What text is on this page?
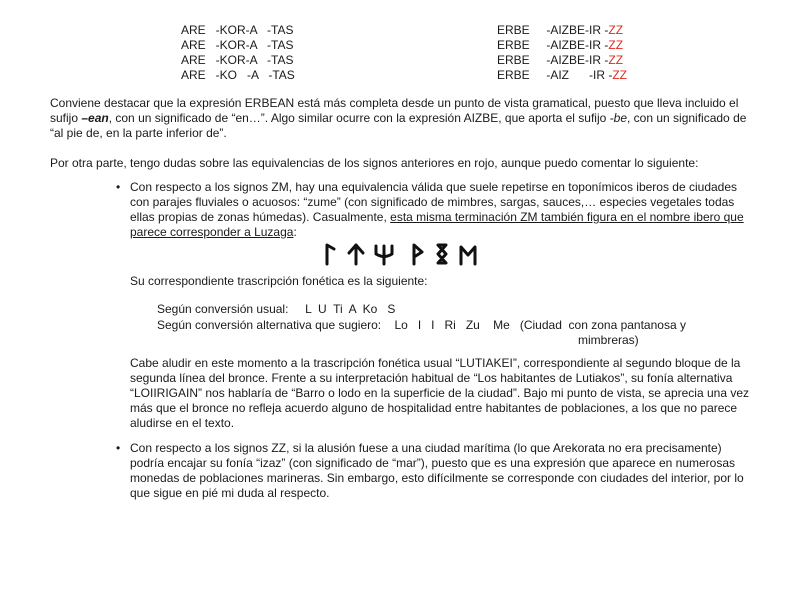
ARE   -KOR-A   -TAS
ARE   -KOR-A   -TAS
ARE   -KOR-A   -TAS
ARE   -KO   -A   -TAS
ERBE     -AIZBE-IR -ZZ
ERBE     -AIZBE-IR -ZZ
ERBE     -AIZBE-IR -ZZ
ERBE     -AIZ      -IR -ZZ
Conviene destacar que la expresión ERBEAN está más completa desde un punto de vista gramatical, puesto que lleva incluido el sufijo –ean, con un significado de “en…”. Algo similar ocurre con la expresión AIZBE, que aporta el sufijo -be, con un significado de “al pie de, en la parte inferior de”.
Por otra parte, tengo dudas sobre las equivalencias de los signos anteriores en rojo, aunque puedo comentar lo siguiente:
• Con respecto a los signos ZM, hay una equivalencia válida que suele repetirse en toponímicos iberos de ciudades con parajes fluviales o acuosos: “zume” (con significado de mimbres, sargas, sauces,… especies vegetales todas ellas propias de zonas húmedas). Casualmente, esta misma terminación ZM también figura en el nombre ibero que parece corresponder a Luzaga:
Su correspondiente trascripción fonética es la siguiente:
Según conversión usual:     L  U  Ti  A  Ko   S
Según conversión alternativa que sugiero:    Lo   I   I   Ri   Zu    Me   (Ciudad  con zona pantanosa y
mimbreras)
Cabe aludir en este momento a la trascripción fonética usual “LUTIAKEI”, correspondiente al segundo bloque de la segunda línea del bronce. Frente a su interpretación habitual de “Los habitantes de Lutiakos”, su fonía alternativa “LOIIRIGAIN” nos hablaría de “Barro o lodo en la superficie de la ciudad”. Bajo mi punto de vista, se aprecia una vez más que el bronce no refleja acuerdo alguno de hospitalidad entre habitantes de poblaciones, a los que no parece aludirse en el texto.
• Con respecto a los signos ZZ, si la alusión fuese a una ciudad marítima (lo que Arekorata no era precisamente) podría encajar su fonía “izaz” (con significado de “mar”), puesto que es una expresión que aparece en numerosas monedas de poblaciones marineras. Sin embargo, esto difícilmente se corresponde con ciudades del interior, por lo que sigue en pié mi duda al respecto.
